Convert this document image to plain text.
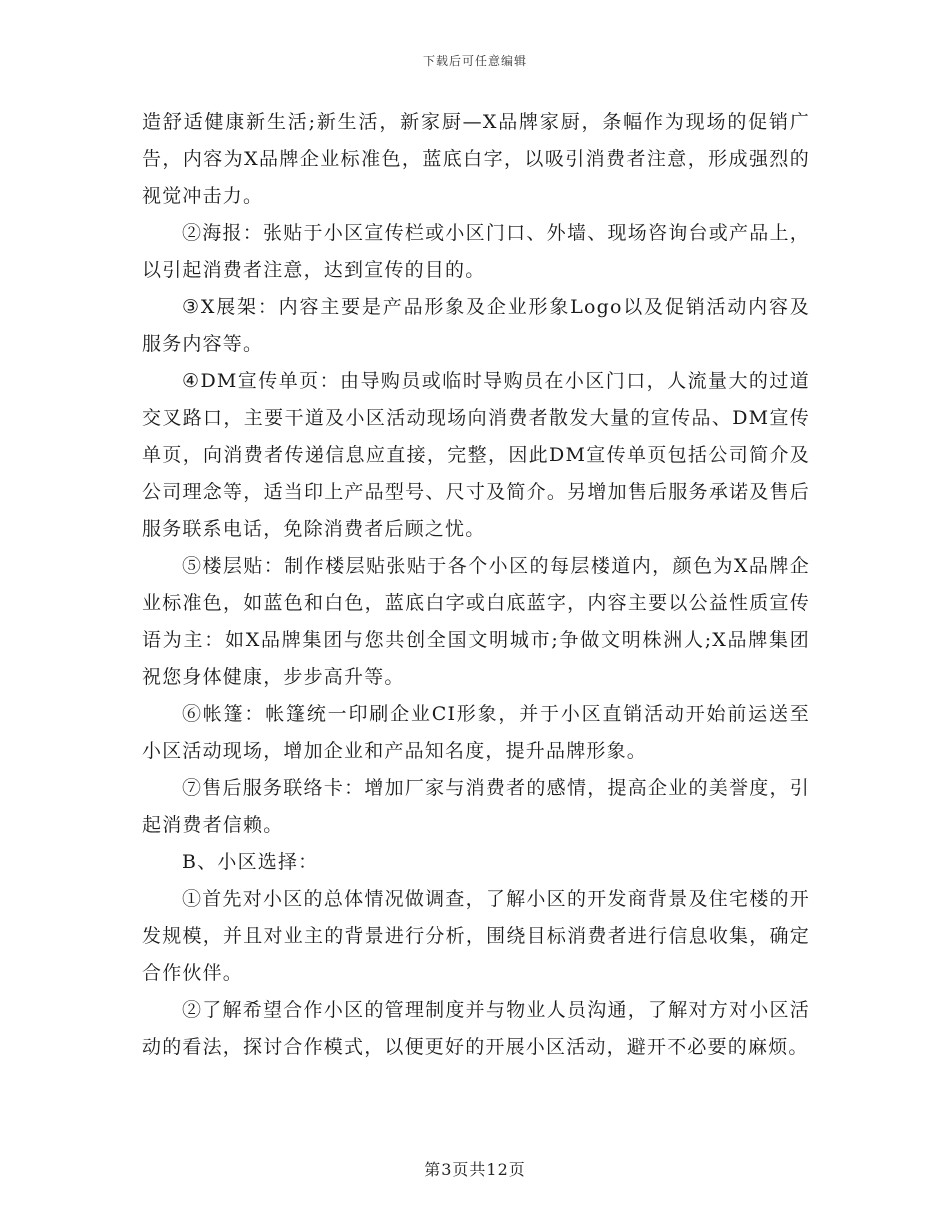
下载后可任意编辑

造舒适健康新生活;新生活，新家厨—X品牌家厨，条幅作为现场的促销广告，内容为X品牌企业标准色，蓝底白字，以吸引消费者注意，形成强烈的视觉冲击力。

②海报：张贴于小区宣传栏或小区门口、外墙、现场咨询台或产品上，以引起消费者注意，达到宣传的目的。

③X展架：内容主要是产品形象及企业形象Logo以及促销活动内容及服务内容等。

④DM宣传单页：由导购员或临时导购员在小区门口，人流量大的过道交叉路口，主要干道及小区活动现场向消费者散发大量的宣传品、DM宣传单页，向消费者传递信息应直接，完整，因此DM宣传单页包括公司简介及公司理念等，适当印上产品型号、尺寸及简介。另增加售后服务承诺及售后服务联系电话，免除消费者后顾之忧。

⑤楼层贴：制作楼层贴张贴于各个小区的每层楼道内，颜色为X品牌企业标准色，如蓝色和白色，蓝底白字或白底蓝字，内容主要以公益性质宣传语为主：如X品牌集团与您共创全国文明城市;争做文明株洲人;X品牌集团祝您身体健康，步步高升等。

⑥帐篷：帐篷统一印刷企业CI形象，并于小区直销活动开始前运送至小区活动现场，增加企业和产品知名度，提升品牌形象。

⑦售后服务联络卡：增加厂家与消费者的感情，提高企业的美誉度，引起消费者信赖。

B、小区选择：

①首先对小区的总体情况做调查，了解小区的开发商背景及住宅楼的开发规模，并且对业主的背景进行分析，围绕目标消费者进行信息收集，确定合作伙伴。

②了解希望合作小区的管理制度并与物业人员沟通，了解对方对小区活动的看法，探讨合作模式，以便更好的开展小区活动，避开不必要的麻烦。

第3页共12页
